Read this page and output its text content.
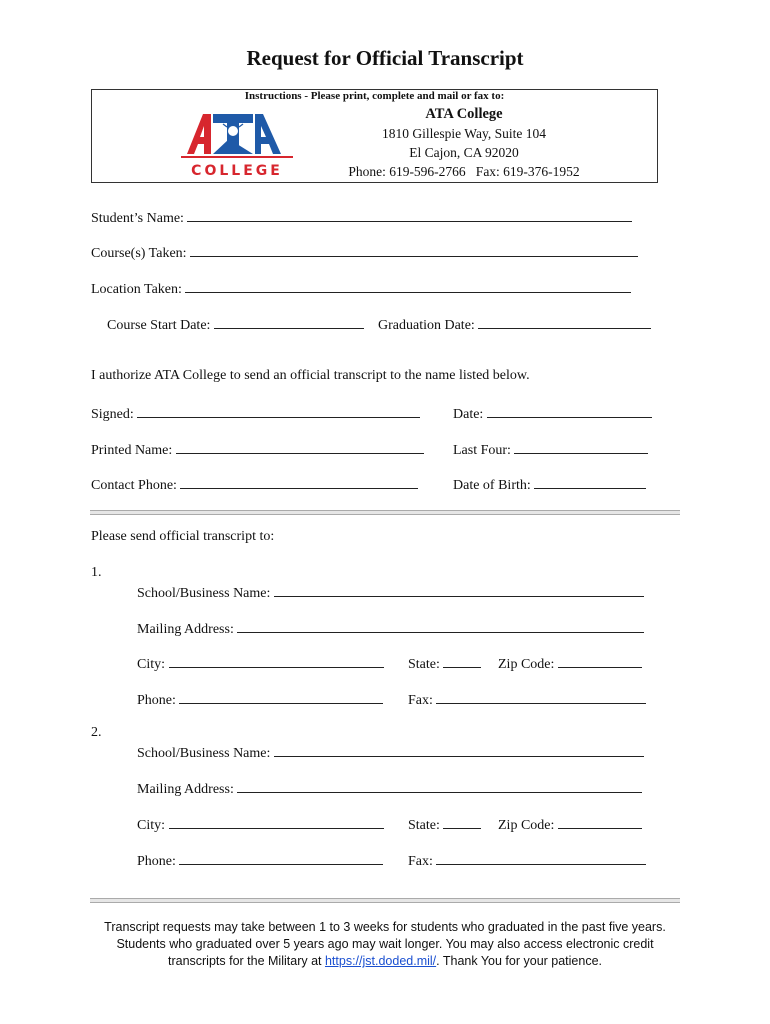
Request for Official Transcript
Instructions - Please print, complete and mail or fax to:
COLLEGE
ATA College
1810 Gillespie Way, Suite 104
El Cajon, CA 92020
Phone: 619-596-2766   Fax: 619-376-1952
Student’s Name:
Course(s) Taken:
Location Taken:
Course Start Date:	Graduation Date:
I authorize ATA College to send an official transcript to the name listed below.
Signed:	Date:
Printed Name:	Last Four:
Contact Phone:	Date of Birth:
Please send official transcript to:
1.
School/Business Name:
Mailing Address:
City:	State:	Zip Code:
Phone:	Fax:
2.
School/Business Name:
Mailing Address:
City:	State:	Zip Code:
Phone:	Fax:
Transcript requests may take between 1 to 3 weeks for students who graduated in the past five years.
Students who graduated over 5 years ago may wait longer. You may also access electronic credit
transcripts for the Military at https://jst.doded.mil/. Thank You for your patience.
